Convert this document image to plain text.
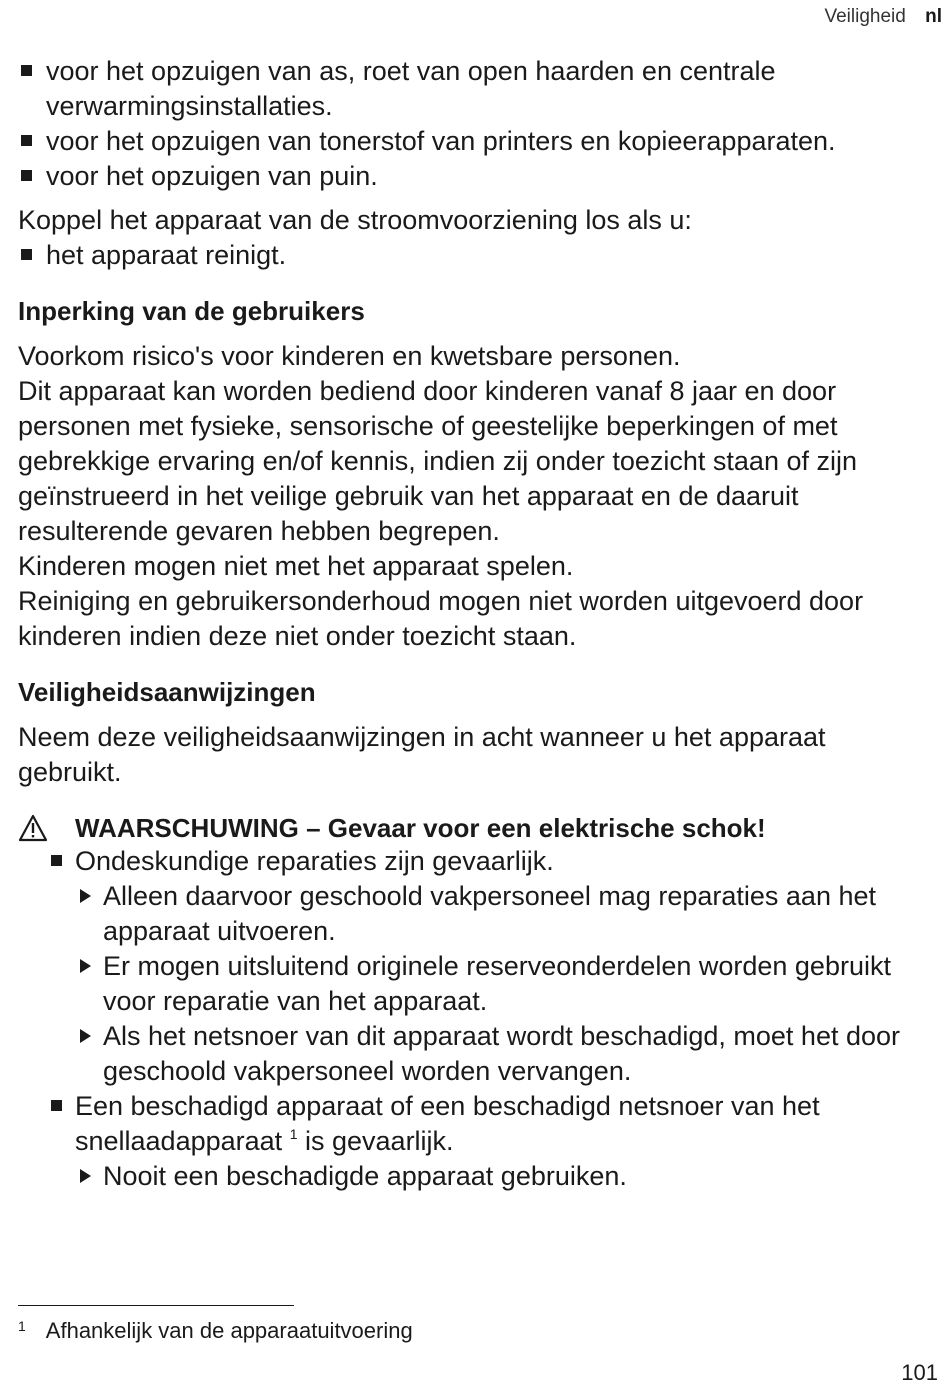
Veiligheid nl
voor het opzuigen van as, roet van open haarden en centrale verwarmingsinstallaties.
voor het opzuigen van tonerstof van printers en kopieerapparaten.
voor het opzuigen van puin.

Koppel het apparaat van de stroomvoorziening los als u:

het apparaat reinigt.
Inperking van de gebruikers

Voorkom risico's voor kinderen en kwetsbare personen.

Dit apparaat kan worden bediend door kinderen vanaf 8 jaar en door personen met fysieke, sensorische of geestelijke beperkingen of met gebrekkige ervaring en/of kennis, indien zij onder toezicht staan of zijn geïnstrueerd in het veilige gebruik van het apparaat en de daaruit resulterende gevaren hebben begrepen.

Kinderen mogen niet met het apparaat spelen.

Reiniging en gebruikersonderhoud mogen niet worden uitgevoerd door kinderen indien deze niet onder toezicht staan.

Veiligheidsaanwijzingen

Neem deze veiligheidsaanwijzingen in acht wanneer u het apparaat gebruikt.

WAARSCHUWING – Gevaar voor een elektrische schok!
Ondeskundige reparaties zijn gevaarlijk.
Alleen daarvoor geschoold vakpersoneel mag reparaties aan het apparaat uitvoeren.
Er mogen uitsluitend originele reserveonderdelen worden gebruikt voor reparatie van het apparaat.
Als het netsnoer van dit apparaat wordt beschadigd, moet het door geschoold vakpersoneel worden vervangen.
Een beschadigd apparaat of een beschadigd netsnoer van het snellaadapparaat $^1$ is gevaarlijk.
Nooit een beschadigde apparaat gebruiken.
$^1$ Afhankelijk van de apparaatuitvoering
101
